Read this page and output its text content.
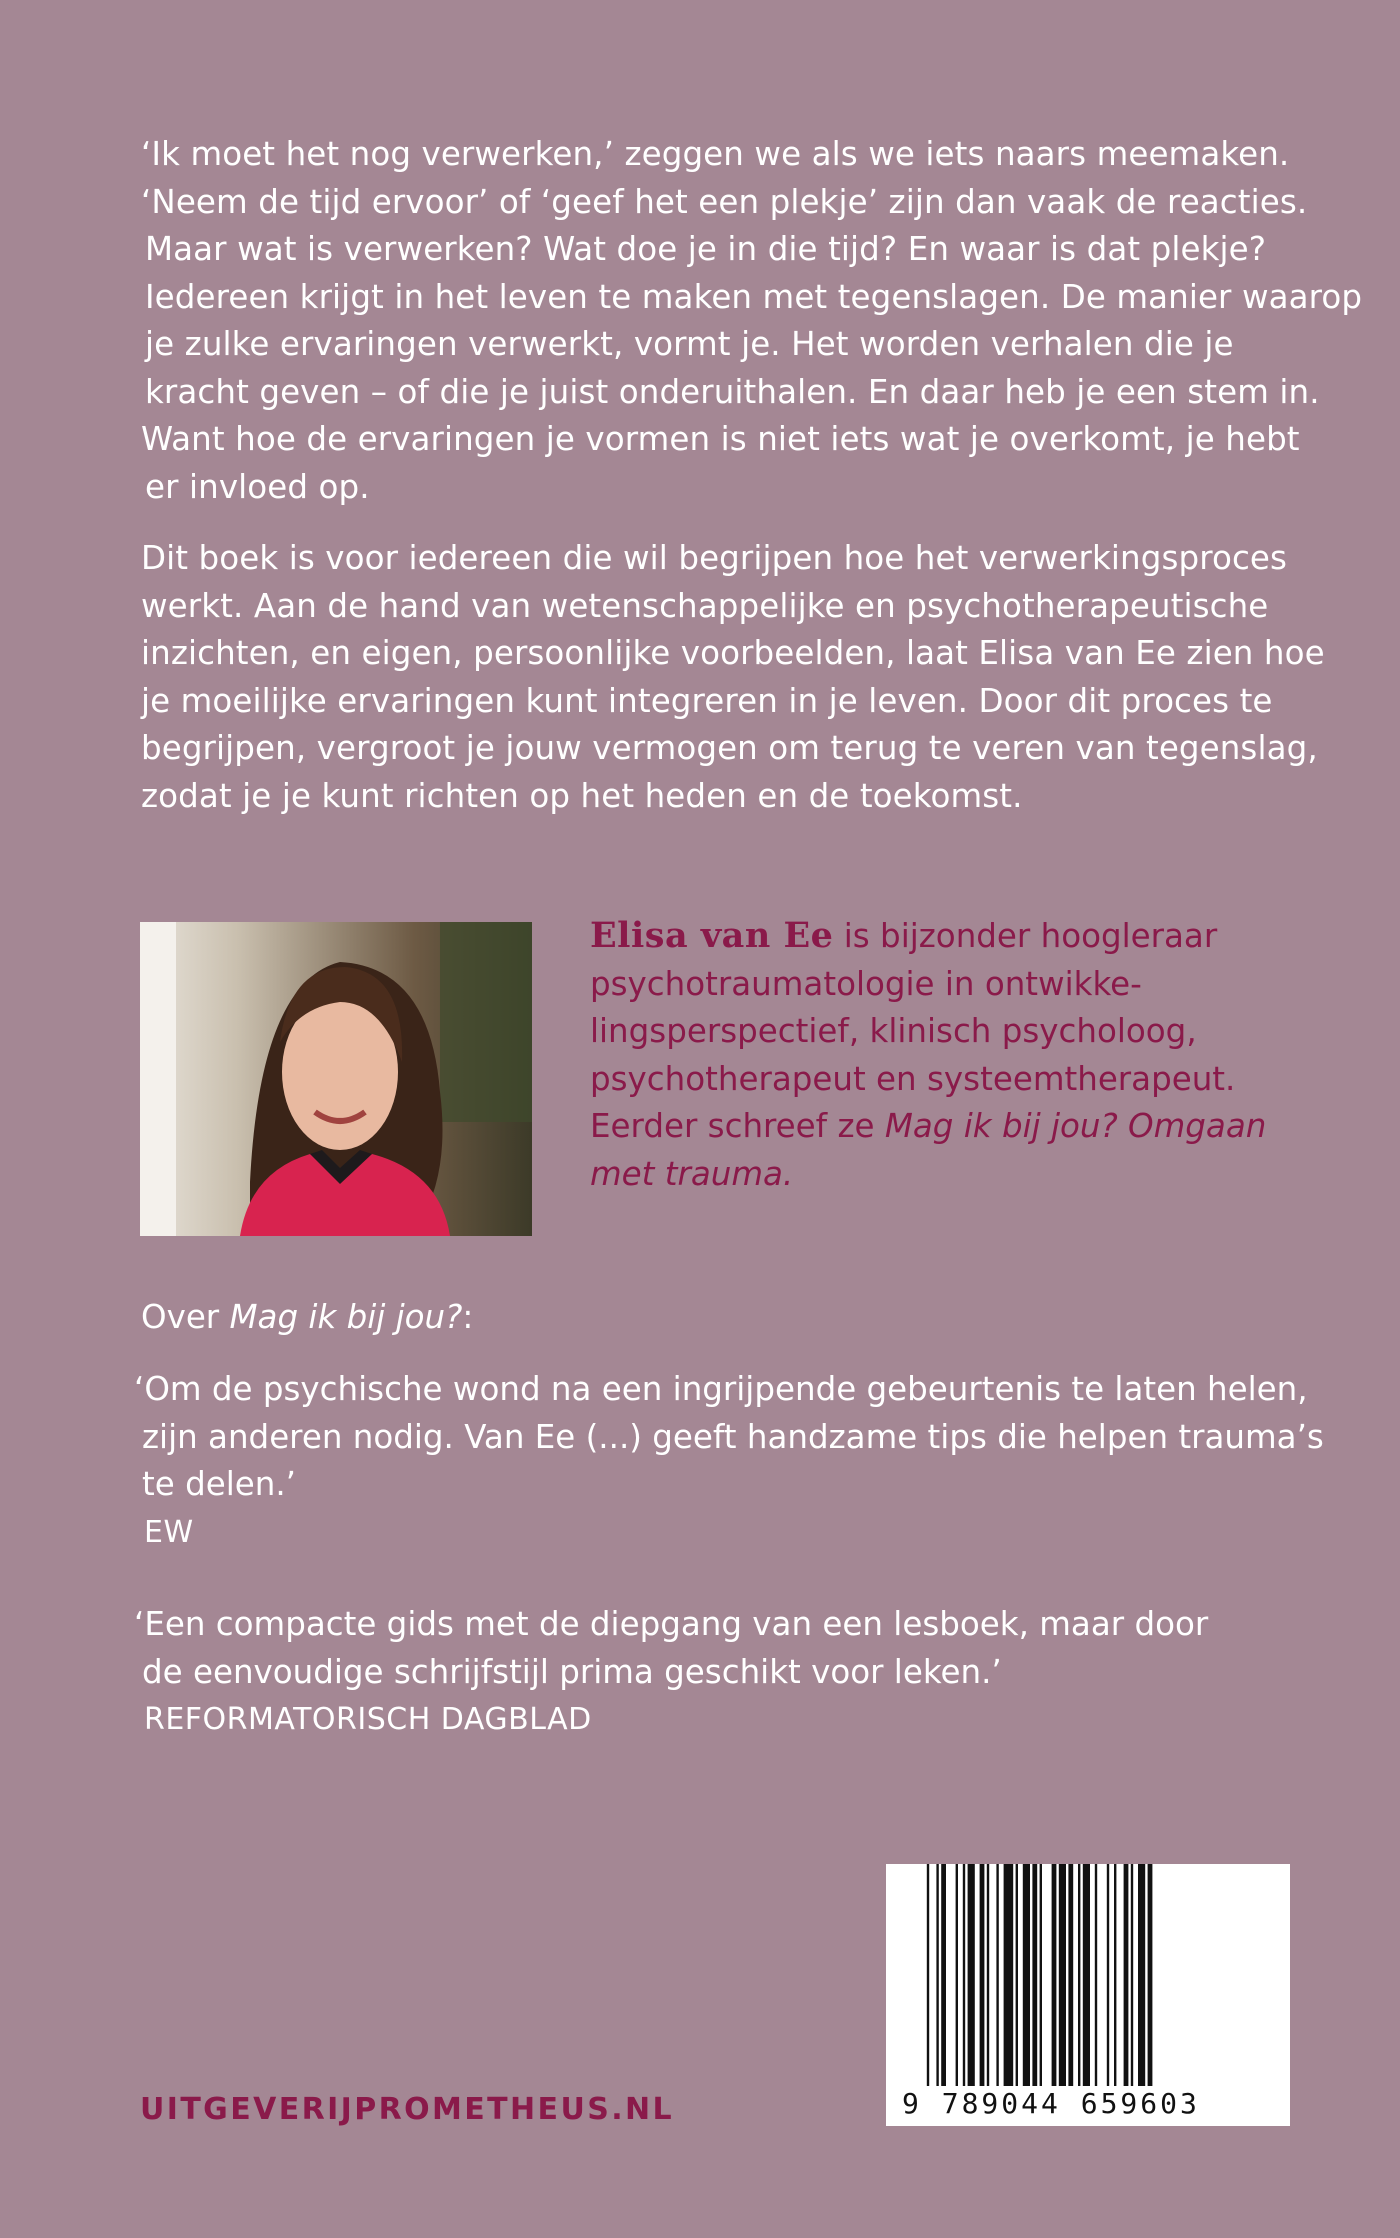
‘Ik moet het nog verwerken,’ zeggen we als we iets naars meemaken.
‘Neem de tijd ervoor’ of ‘geef het een plekje’ zijn dan vaak de reacties.
Maar wat is verwerken? Wat doe je in die tijd? En waar is dat plekje?
Iedereen krijgt in het leven te maken met tegenslagen. De manier waarop
je zulke ervaringen verwerkt, vormt je. Het worden verhalen die je
kracht geven – of die je juist onderuithalen. En daar heb je een stem in.
Want hoe de ervaringen je vormen is niet iets wat je overkomt, je hebt
er invloed op.
Dit boek is voor iedereen die wil begrijpen hoe het verwerkingsproces
werkt. Aan de hand van wetenschappelijke en psychotherapeutische
inzichten, en eigen, persoonlijke voorbeelden, laat Elisa van Ee zien hoe
je moeilijke ervaringen kunt integreren in je leven. Door dit proces te
begrijpen, vergroot je jouw vermogen om terug te veren van tegenslag,
zodat je je kunt richten op het heden en de toekomst.
Elisa van Ee is bijzonder hoogleraar
psychotraumatologie in ontwikke-
lingsperspectief, klinisch psycholoog,
psychotherapeut en systeemtherapeut.
Eerder schreef ze Mag ik bij jou? Omgaan
met trauma.
Over Mag ik bij jou?:
‘Om de psychische wond na een ingrijpende gebeurtenis te laten helen,
zijn anderen nodig. Van Ee (...) geeft handzame tips die helpen trauma’s
te delen.’
EW
‘Een compacte gids met de diepgang van een lesboek, maar door
de eenvoudige schrijfstijl prima geschikt voor leken.’
REFORMATORISCH DAGBLAD
9 789044 659603
UITGEVERIJPROMETHEUS.NL
